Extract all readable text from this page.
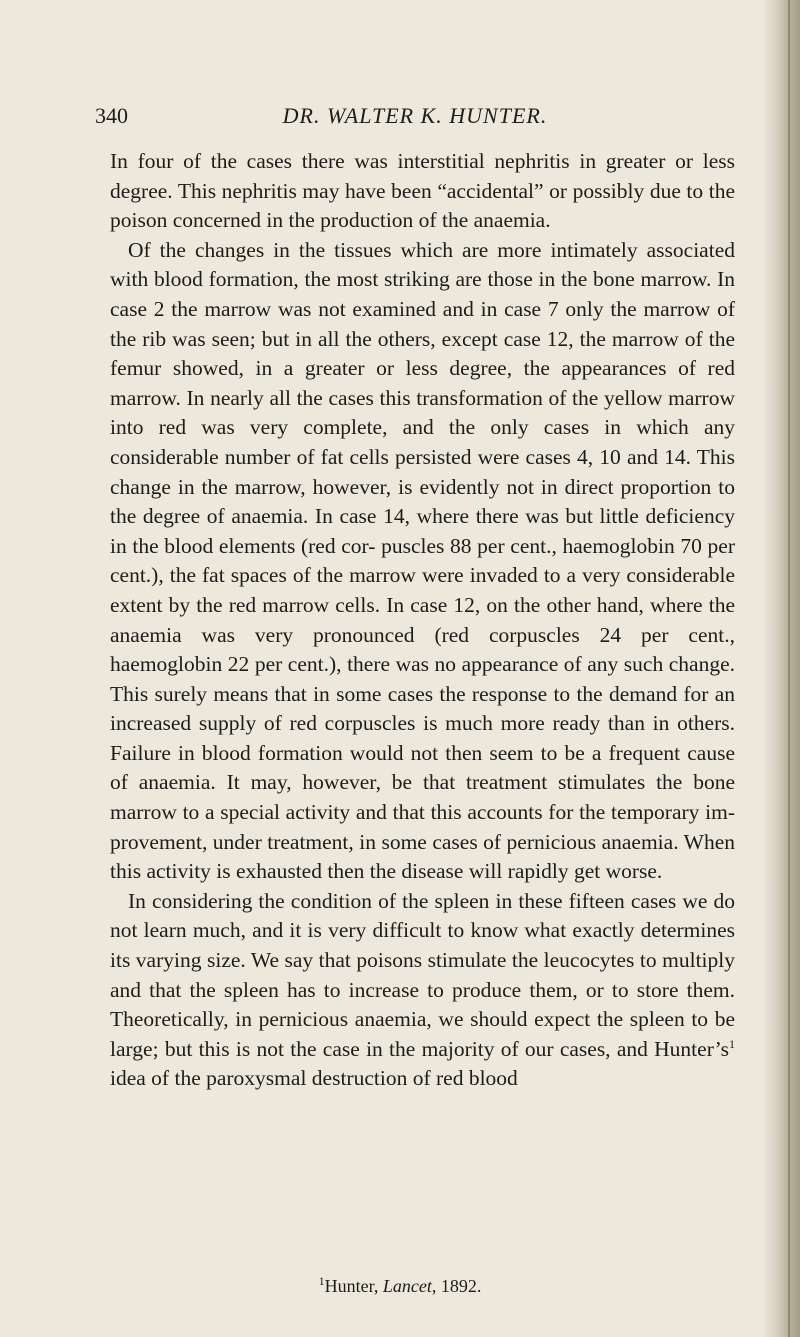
340	DR. WALTER K. HUNTER.

In four of the cases there was interstitial nephritis in greater or less degree. This nephritis may have been “accidental” or possibly due to the poison concerned in the production of the anaemia.

Of the changes in the tissues which are more intimately associated with blood formation, the most striking are those in the bone marrow. In case 2 the marrow was not examined and in case 7 only the marrow of the rib was seen; but in all the others, except case 12, the marrow of the femur showed, in a greater or less degree, the appearances of red marrow. In nearly all the cases this transformation of the yellow marrow into red was very complete, and the only cases in which any considerable number of fat cells persisted were cases 4, 10 and 14. This change in the marrow, however, is evidently not in direct proportion to the degree of anaemia. In case 14, where there was but little deficiency in the blood elements (red cor- puscles 88 per cent., haemoglobin 70 per cent.), the fat spaces of the marrow were invaded to a very considerable extent by the red marrow cells. In case 12, on the other hand, where the anaemia was very pronounced (red corpuscles 24 per cent., haemoglobin 22 per cent.), there was no appearance of any such change. This surely means that in some cases the response to the demand for an increased supply of red corpuscles is much more ready than in others. Failure in blood formation would not then seem to be a frequent cause of anaemia. It may, however, be that treatment stimulates the bone marrow to a special activity and that this accounts for the temporary im- provement, under treatment, in some cases of pernicious anaemia. When this activity is exhausted then the disease will rapidly get worse.

In considering the condition of the spleen in these fifteen cases we do not learn much, and it is very difficult to know what exactly determines its varying size. We say that poisons stimulate the leucocytes to multiply and that the spleen has to increase to produce them, or to store them. Theoretically, in pernicious anaemia, we should expect the spleen to be large; but this is not the case in the majority of our cases, and $Hunter’s^1$ idea of the paroxysmal destruction of red blood

$^1$Hunter, Lancet, 1892.
